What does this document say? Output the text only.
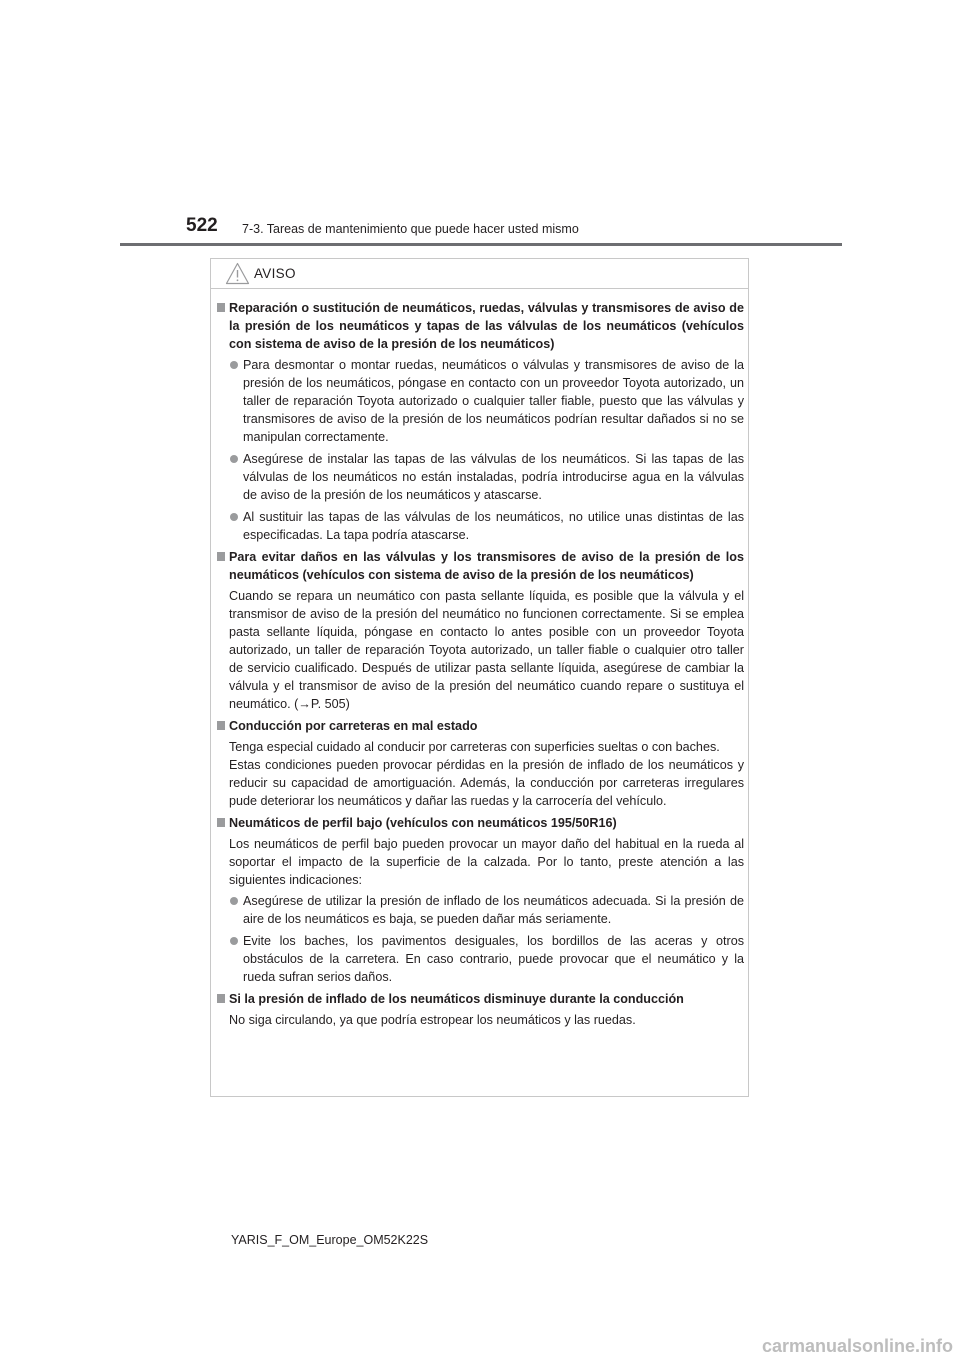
522 7-3. Tareas de mantenimiento que puede hacer usted mismo
AVISO
Reparación o sustitución de neumáticos, ruedas, válvulas y transmisores de aviso de la presión de los neumáticos y tapas de las válvulas de los neumáticos (vehículos con sistema de aviso de la presión de los neumáticos)
Para desmontar o montar ruedas, neumáticos o válvulas y transmisores de aviso de la presión de los neumáticos, póngase en contacto con un proveedor Toyota autorizado, un taller de reparación Toyota autorizado o cualquier taller fiable, puesto que las válvulas y transmisores de aviso de la presión de los neumáticos podrían resultar dañados si no se manipulan correctamente.
Asegúrese de instalar las tapas de las válvulas de los neumáticos. Si las tapas de las válvulas de los neumáticos no están instaladas, podría introducirse agua en la válvulas de aviso de la presión de los neumáticos y atascarse.
Al sustituir las tapas de las válvulas de los neumáticos, no utilice unas distintas de las especificadas. La tapa podría atascarse.
Para evitar daños en las válvulas y los transmisores de aviso de la presión de los neumáticos (vehículos con sistema de aviso de la presión de los neumáticos)
Cuando se repara un neumático con pasta sellante líquida, es posible que la válvula y el transmisor de aviso de la presión del neumático no funcionen correctamente. Si se emplea pasta sellante líquida, póngase en contacto lo antes posible con un proveedor Toyota autorizado, un taller de reparación Toyota autorizado, un taller fiable o cualquier otro taller de servicio cualificado. Después de utilizar pasta sellante líquida, asegúrese de cambiar la válvula y el transmisor de aviso de la presión del neumático cuando repare o sustituya el neumático. (→P. 505)
Conducción por carreteras en mal estado
Tenga especial cuidado al conducir por carreteras con superficies sueltas o con baches.
Estas condiciones pueden provocar pérdidas en la presión de inflado de los neumáticos y reducir su capacidad de amortiguación. Además, la conducción por carreteras irregulares pude deteriorar los neumáticos y dañar las ruedas y la carrocería del vehículo.
Neumáticos de perfil bajo (vehículos con neumáticos 195/50R16)
Los neumáticos de perfil bajo pueden provocar un mayor daño del habitual en la rueda al soportar el impacto de la superficie de la calzada. Por lo tanto, preste atención a las siguientes indicaciones:
Asegúrese de utilizar la presión de inflado de los neumáticos adecuada. Si la presión de aire de los neumáticos es baja, se pueden dañar más seriamente.
Evite los baches, los pavimentos desiguales, los bordillos de las aceras y otros obstáculos de la carretera. En caso contrario, puede provocar que el neumático y la rueda sufran serios daños.
Si la presión de inflado de los neumáticos disminuye durante la conducción
No siga circulando, ya que podría estropear los neumáticos y las ruedas.
YARIS_F_OM_Europe_OM52K22S
carmanualsonline.info
